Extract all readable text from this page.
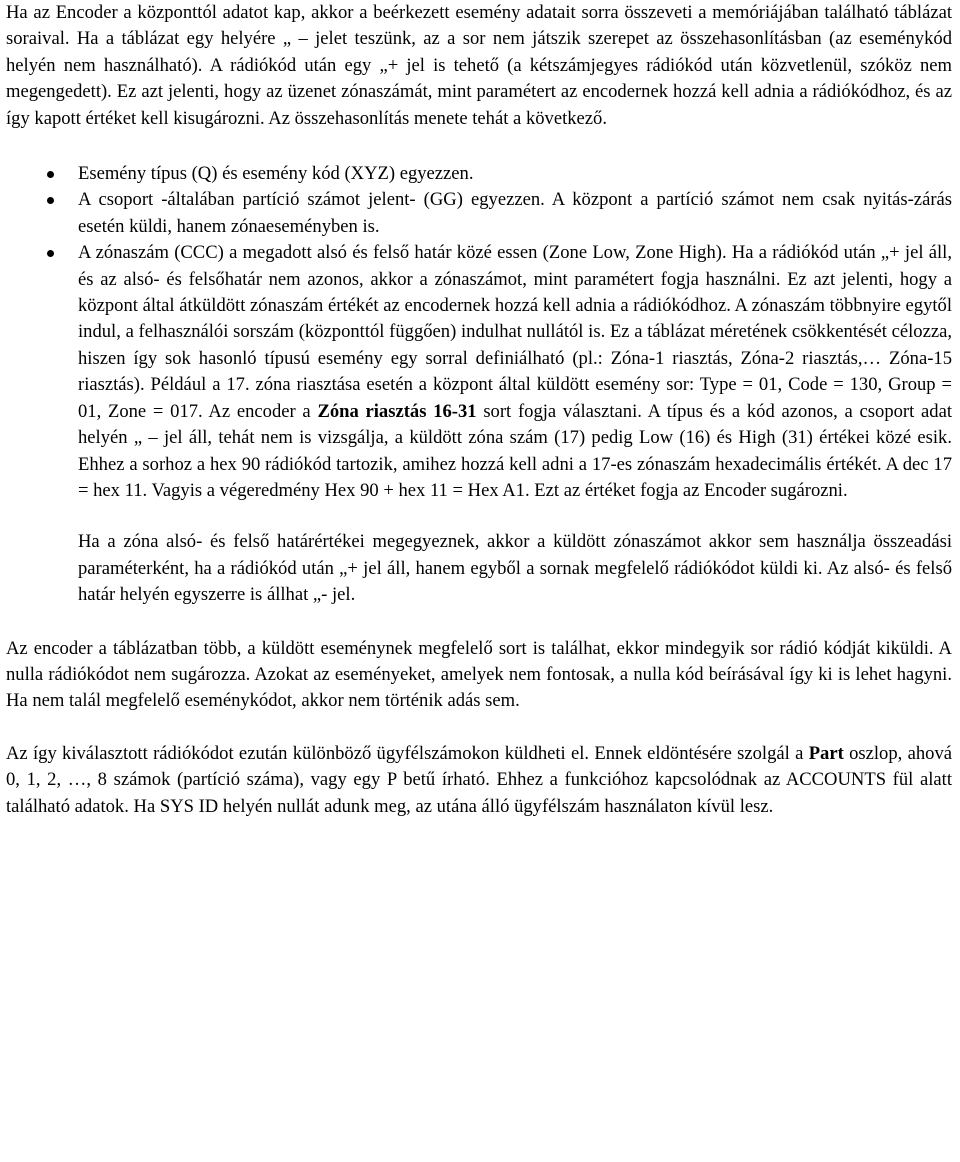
Ha az Encoder a központtól adatot kap, akkor a beérkezett esemény adatait sorra összeveti a memóriájában található táblázat soraival. Ha a táblázat egy helyére „ – jelet teszünk, az a sor nem játszik szerepet az összehasonlításban (az eseménykód helyén nem használható). A rádiókód után egy „+ jel is tehető (a kétszámjegyes rádiókód után közvetlenül, szóköz nem megengedett). Ez azt jelenti, hogy az üzenet zónaszámát, mint paramétert az encodernek hozzá kell adnia a rádiókódhoz, és az így kapott értéket kell kisugározni. Az összehasonlítás menete tehát a következő.

Esemény típus (Q) és esemény kód (XYZ) egyezzen.
A csoport -általában partíció számot jelent- (GG) egyezzen. A központ a partíció számot nem csak nyitás-zárás esetén küldi, hanem zónaeseményben is.
A zónaszám (CCC) a megadott alsó és felső határ közé essen (Zone Low, Zone High). Ha a rádiókód után „+ jel áll, és az alsó- és felsőhatár nem azonos, akkor a zónaszámot, mint paramétert fogja használni. Ez azt jelenti, hogy a központ által átküldött zónaszám értékét az encodernek hozzá kell adnia a rádiókódhoz. A zónaszám többnyire egytől indul, a felhasználói sorszám (központtól függően) indulhat nullától is. Ez a táblázat méretének csökkentését célozza, hiszen így sok hasonló típusú esemény egy sorral definiálható (pl.: Zóna-1 riasztás, Zóna-2 riasztás,… Zóna-15 riasztás). Például a 17. zóna riasztása esetén a központ által küldött esemény sor: Type = 01, Code = 130, Group = 01, Zone = 017. Az encoder a Zóna riasztás 16-31 sort fogja választani. A típus és a kód azonos, a csoport adat helyén „ – jel áll, tehát nem is vizsgálja, a küldött zóna szám (17) pedig Low (16) és High (31) értékei közé esik. Ehhez a sorhoz a hex 90 rádiókód tartozik, amihez hozzá kell adni a 17-es zónaszám hexadecimális értékét. A dec 17 = hex 11. Vagyis a végeredmény Hex 90 + hex 11 = Hex A1. Ezt az értéket fogja az Encoder sugározni.

Ha a zóna alsó- és felső határértékei megegyeznek, akkor a küldött zónaszámot akkor sem használja összeadási paraméterként, ha a rádiókód után „+ jel áll, hanem egyből a sornak megfelelő rádiókódot küldi ki. Az alsó- és felső határ helyén egyszerre is állhat „- jel.

Az encoder a táblázatban több, a küldött eseménynek megfelelő sort is találhat, ekkor mindegyik sor rádió kódját kiküldi. A nulla rádiókódot nem sugározza. Azokat az eseményeket, amelyek nem fontosak, a nulla kód beírásával így ki is lehet hagyni. Ha nem talál megfelelő eseménykódot, akkor nem történik adás sem.

Az így kiválasztott rádiókódot ezután különböző ügyfélszámokon küldheti el. Ennek eldöntésére szolgál a Part oszlop, ahová 0, 1, 2, …, 8 számok (partíció száma), vagy egy P betű írható. Ehhez a funkcióhoz kapcsolódnak az ACCOUNTS fül alatt található adatok. Ha SYS ID helyén nullát adunk meg, az utána álló ügyfélszám használaton kívül lesz.
